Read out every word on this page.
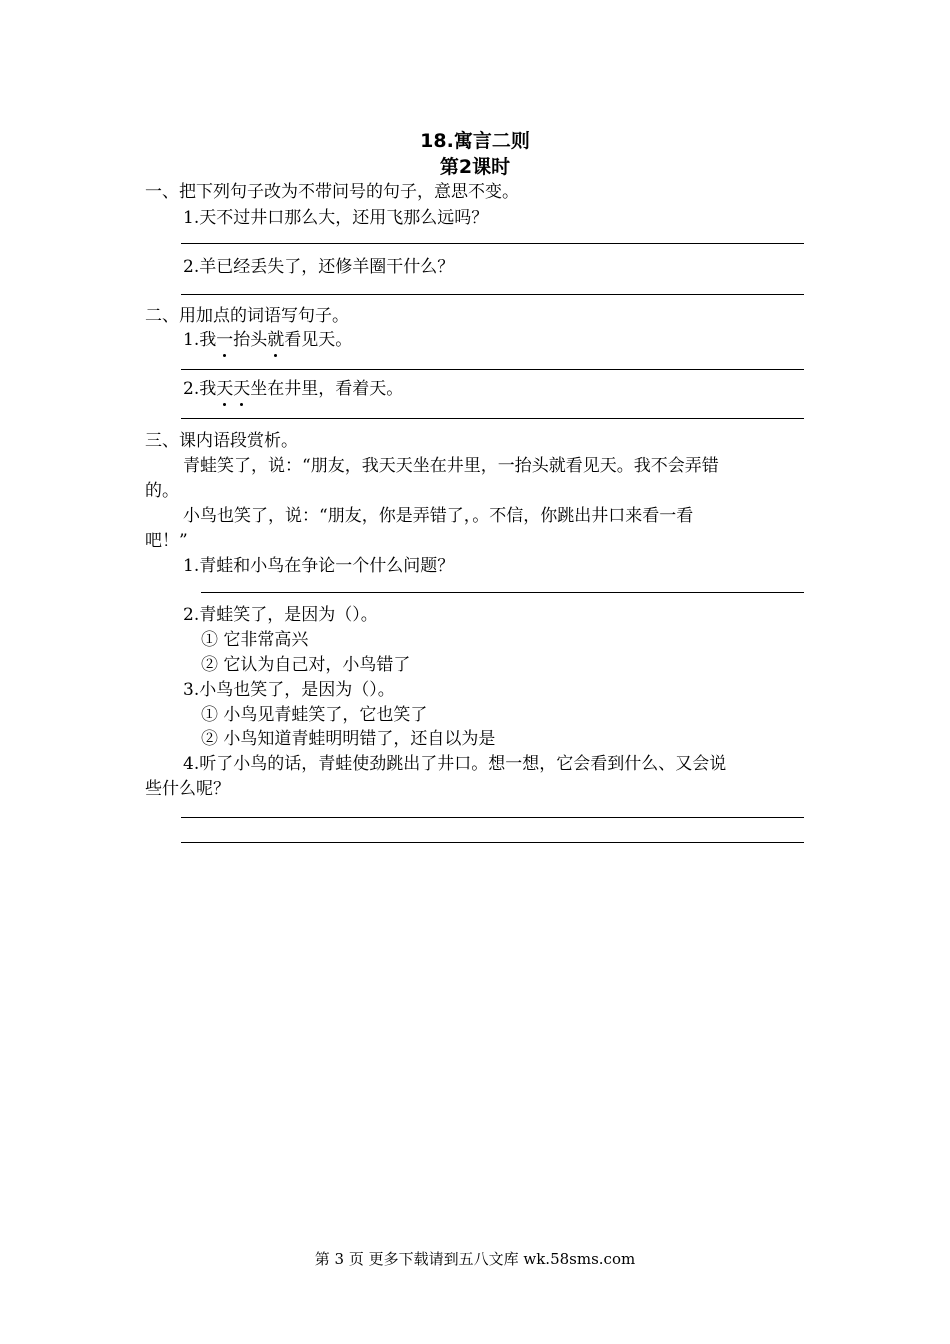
18.寓言二则
第2课时
一、把下列句子改为不带问号的句子，意思不变。
1.天不过井口那么大，还用飞那么远吗？
2.羊已经丢失了，还修羊圈干什么？
二、用加点的词语写句子。
1.我一抬头就看见天。
2.我天天坐在井里，看着天。
三、课内语段赏析。
青蛙笑了，说：“朋友，我天天坐在井里，一抬头就看见天。我不会弄错
的。
小鸟也笑了，说：“朋友，你是弄错了，。不信，你跳出井口来看一看
吧！”
1.青蛙和小鸟在争论一个什么问题？
2.青蛙笑了，是因为（）。
① 它非常高兴
② 它认为自己对，小鸟错了
3.小鸟也笑了，是因为（）。
① 小鸟见青蛙笑了，它也笑了
② 小鸟知道青蛙明明错了，还自以为是
4.听了小鸟的话，青蛙使劲跳出了井口。想一想，它会看到什么、又会说
些什么呢？
第 3 页 更多下载请到五八文库 wk.58sms.com
